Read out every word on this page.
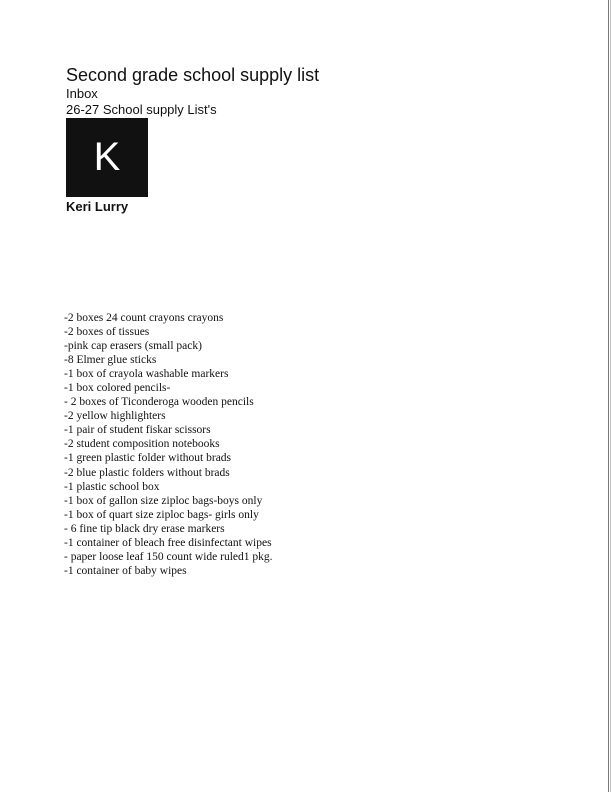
Second grade school supply list
Inbox
26-27 School supply List's
K
Keri Lurry
-2 boxes 24 count crayons crayons
-2 boxes of tissues
-pink cap erasers (small pack)
-8 Elmer glue sticks
-1 box of crayola washable markers
-1 box colored pencils-
- 2 boxes of Ticonderoga wooden pencils
-2 yellow highlighters
-1 pair of student fiskar scissors
-2 student composition notebooks
-1 green plastic folder without brads
-2 blue plastic folders without brads
-1 plastic school box
-1 box of gallon size ziploc bags-boys only
-1 box of quart size ziploc bags- girls only
- 6 fine tip black dry erase markers
-1 container of bleach free disinfectant wipes
- paper loose leaf 150 count wide ruled1 pkg.
-1 container of baby wipes
